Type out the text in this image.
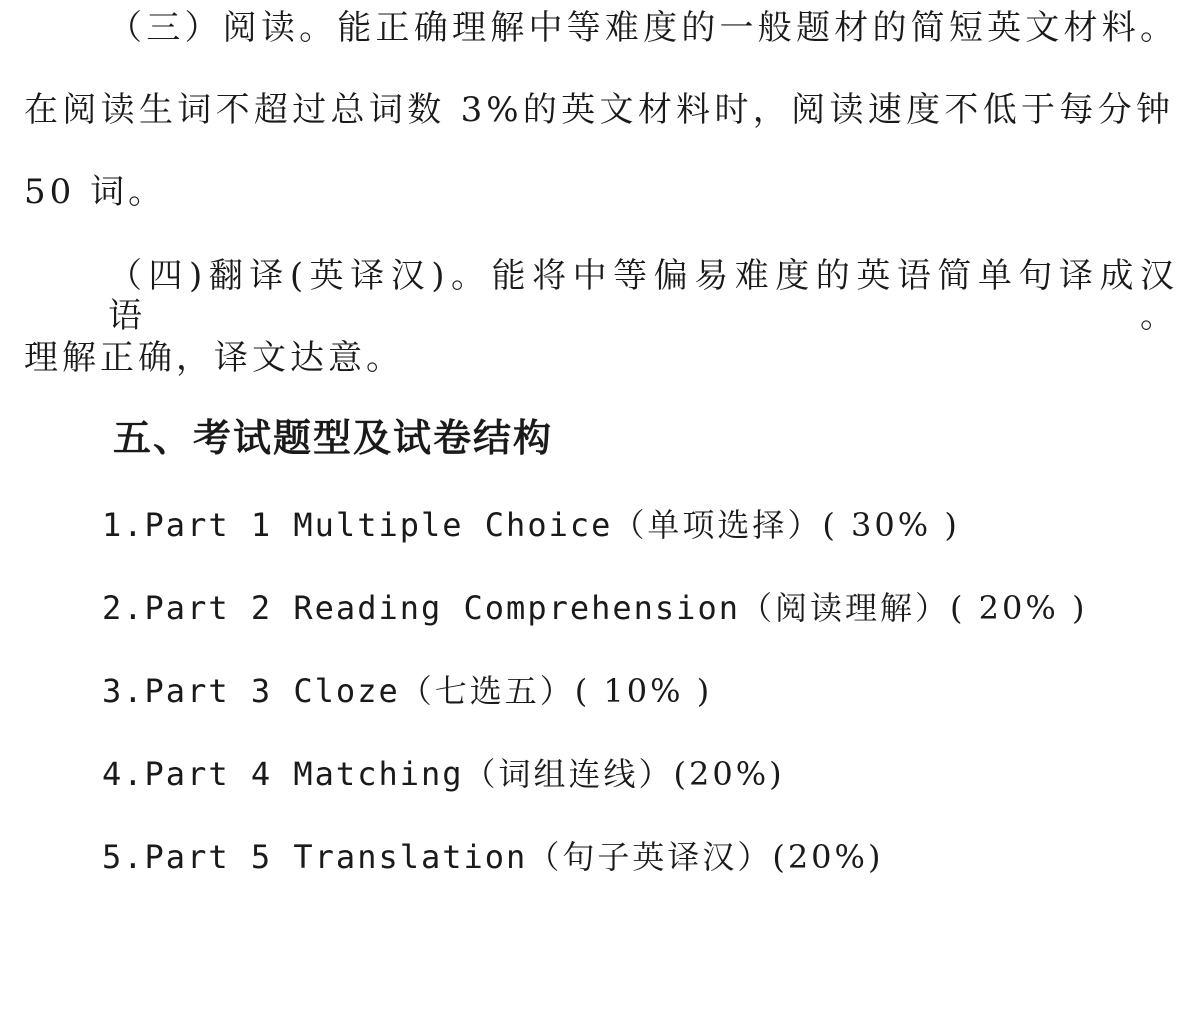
（三）阅读。能正确理解中等难度的一般题材的简短英文材料。
在阅读生词不超过总词数 3%的英文材料时，阅读速度不低于每分钟
50 词。
（四)翻译(英译汉)。能将中等偏易难度的英语简单句译成汉语。
理解正确，译文达意。
五、考试题型及试卷结构
1.Part 1 Multiple Choice（单项选择）( 30% )
2.Part 2 Reading Comprehension（阅读理解）( 20% )
3.Part 3 Cloze（七选五）( 10% )
4.Part 4 Matching（词组连线）(20%)
5.Part 5 Translation（句子英译汉）(20%)
